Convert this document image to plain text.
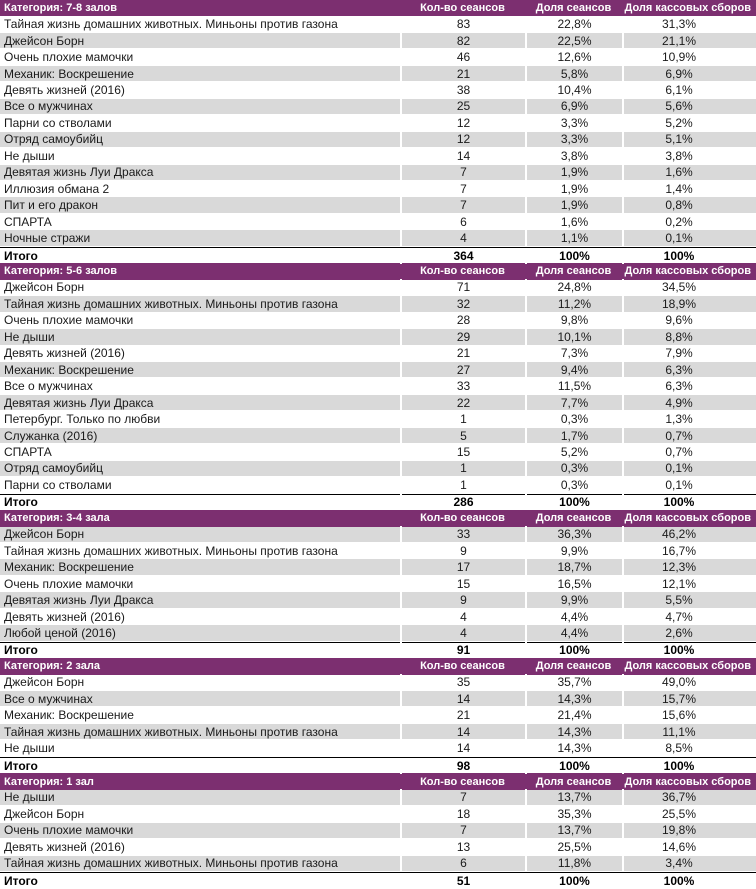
Категория: 7-8 залов	Кол-во сеансов	Доля сеансов	Доля кассовых сборов
Тайная жизнь домашних животных. Миньоны против газона	83	22,8%	31,3%
Джейсон Борн	82	22,5%	21,1%
Очень плохие мамочки	46	12,6%	10,9%
Механик: Воскрешение	21	5,8%	6,9%
Девять жизней (2016)	38	10,4%	6,1%
Все о мужчинах	25	6,9%	5,6%
Парни со стволами	12	3,3%	5,2%
Отряд самоубийц	12	3,3%	5,1%
Не дыши	14	3,8%	3,8%
Девятая жизнь Луи Дракса	7	1,9%	1,6%
Иллюзия обмана 2	7	1,9%	1,4%
Пит и его дракон	7	1,9%	0,8%
СПАРТА	6	1,6%	0,2%
Ночные стражи	4	1,1%	0,1%
Итого	364	100%	100%
Категория: 5-6 залов	Кол-во сеансов	Доля сеансов	Доля кассовых сборов
Джейсон Борн	71	24,8%	34,5%
Тайная жизнь домашних животных. Миньоны против газона	32	11,2%	18,9%
Очень плохие мамочки	28	9,8%	9,6%
Не дыши	29	10,1%	8,8%
Девять жизней (2016)	21	7,3%	7,9%
Механик: Воскрешение	27	9,4%	6,3%
Все о мужчинах	33	11,5%	6,3%
Девятая жизнь Луи Дракса	22	7,7%	4,9%
Петербург. Только по любви	1	0,3%	1,3%
Служанка (2016)	5	1,7%	0,7%
СПАРТА	15	5,2%	0,7%
Отряд самоубийц	1	0,3%	0,1%
Парни со стволами	1	0,3%	0,1%
Итого	286	100%	100%
Категория: 3-4 зала	Кол-во сеансов	Доля сеансов	Доля кассовых сборов
Джейсон Борн	33	36,3%	46,2%
Тайная жизнь домашних животных. Миньоны против газона	9	9,9%	16,7%
Механик: Воскрешение	17	18,7%	12,3%
Очень плохие мамочки	15	16,5%	12,1%
Девятая жизнь Луи Дракса	9	9,9%	5,5%
Девять жизней (2016)	4	4,4%	4,7%
Любой ценой (2016)	4	4,4%	2,6%
Итого	91	100%	100%
Категория: 2 зала	Кол-во сеансов	Доля сеансов	Доля кассовых сборов
Джейсон Борн	35	35,7%	49,0%
Все о мужчинах	14	14,3%	15,7%
Механик: Воскрешение	21	21,4%	15,6%
Тайная жизнь домашних животных. Миньоны против газона	14	14,3%	11,1%
Не дыши	14	14,3%	8,5%
Итого	98	100%	100%
Категория: 1 зал	Кол-во сеансов	Доля сеансов	Доля кассовых сборов
Не дыши	7	13,7%	36,7%
Джейсон Борн	18	35,3%	25,5%
Очень плохие мамочки	7	13,7%	19,8%
Девять жизней (2016)	13	25,5%	14,6%
Тайная жизнь домашних животных. Миньоны против газона	6	11,8%	3,4%
Итого	51	100%	100%
